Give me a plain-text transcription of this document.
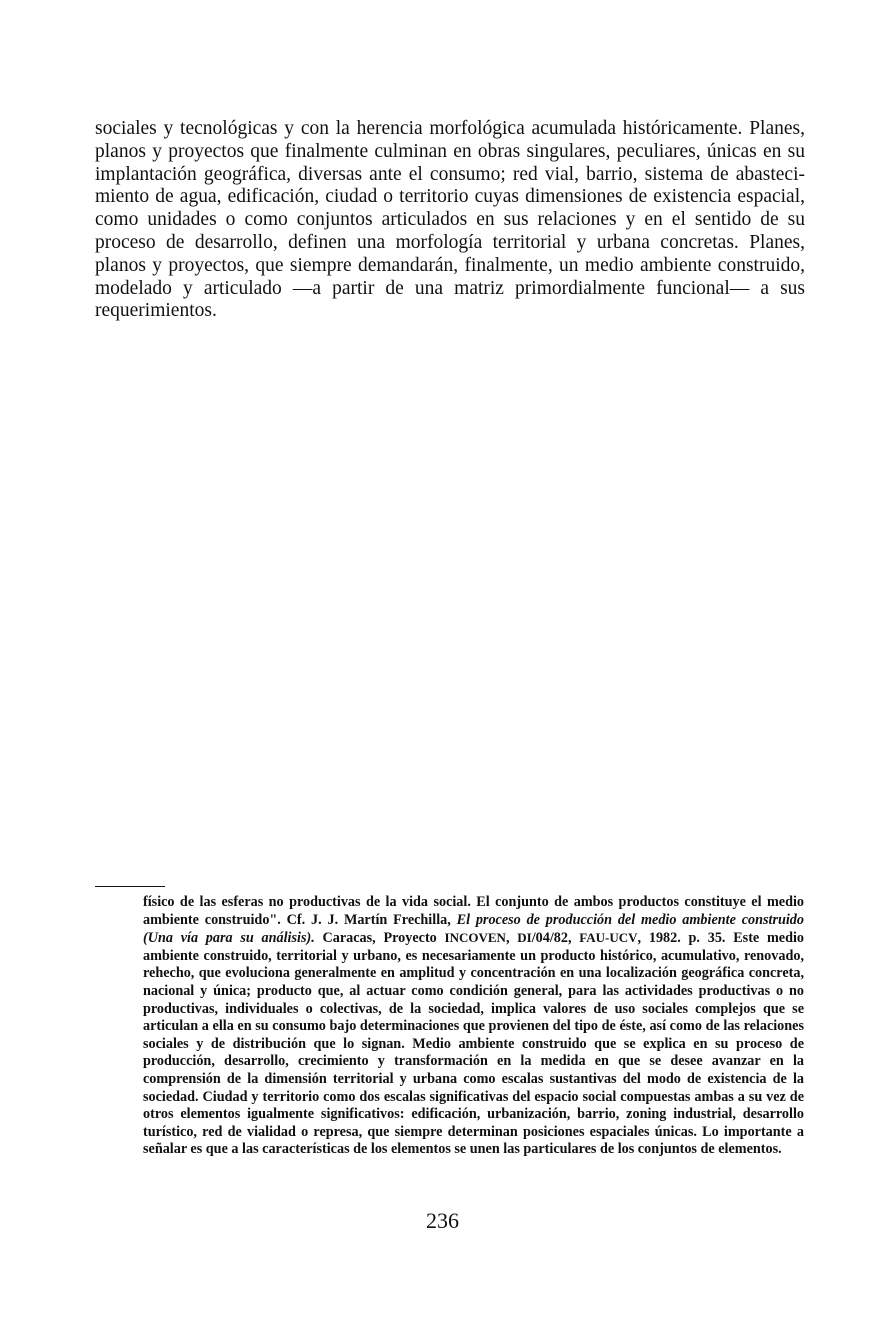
sociales y tecnológicas y con la herencia morfológica acumulada históricamente. Planes, planos y proyectos que finalmente culminan en obras singulares, peculiares, únicas en su implantación geográfica, diversas ante el consumo; red vial, barrio, sistema de abasteci-miento de agua, edificación, ciudad o territorio cuyas dimensiones de existencia espacial, como unidades o como conjuntos articulados en sus relaciones y en el sentido de su proceso de desarrollo, definen una morfología territorial y urbana concretas. Planes, planos y proyectos, que siempre demandarán, finalmente, un medio ambiente construido, modelado y articulado —a partir de una matriz primordialmente funcional— a sus requerimientos.

físico de las esferas no productivas de la vida social. El conjunto de ambos productos constituye el medio ambiente construido". Cf. J. J. Martín Frechilla, El proceso de producción del medio ambiente construido (Una vía para su análisis). Caracas, Proyecto INCOVEN, DI/04/82, FAU-UCV, 1982. p. 35. Este medio ambiente construido, territorial y urbano, es necesariamente un producto histórico, acumulativo, renovado, rehecho, que evoluciona generalmente en amplitud y concentración en una localización geográfica concreta, nacional y única; producto que, al actuar como condición general, para las actividades productivas o no productivas, individuales o colectivas, de la sociedad, implica valores de uso sociales complejos que se articulan a ella en su consumo bajo determinaciones que provienen del tipo de éste, así como de las relaciones sociales y de distribución que lo signan. Medio ambiente construido que se explica en su proceso de producción, desarrollo, crecimiento y transformación en la medida en que se desee avanzar en la comprensión de la dimensión territorial y urbana como escalas sustantivas del modo de existencia de la sociedad. Ciudad y territorio como dos escalas significativas del espacio social compuestas ambas a su vez de otros elementos igualmente significativos: edificación, urbanización, barrio, zoning industrial, desarrollo turístico, red de vialidad o represa, que siempre determinan posiciones espaciales únicas. Lo importante a señalar es que a las características de los elementos se unen las particulares de los conjuntos de elementos.

236
